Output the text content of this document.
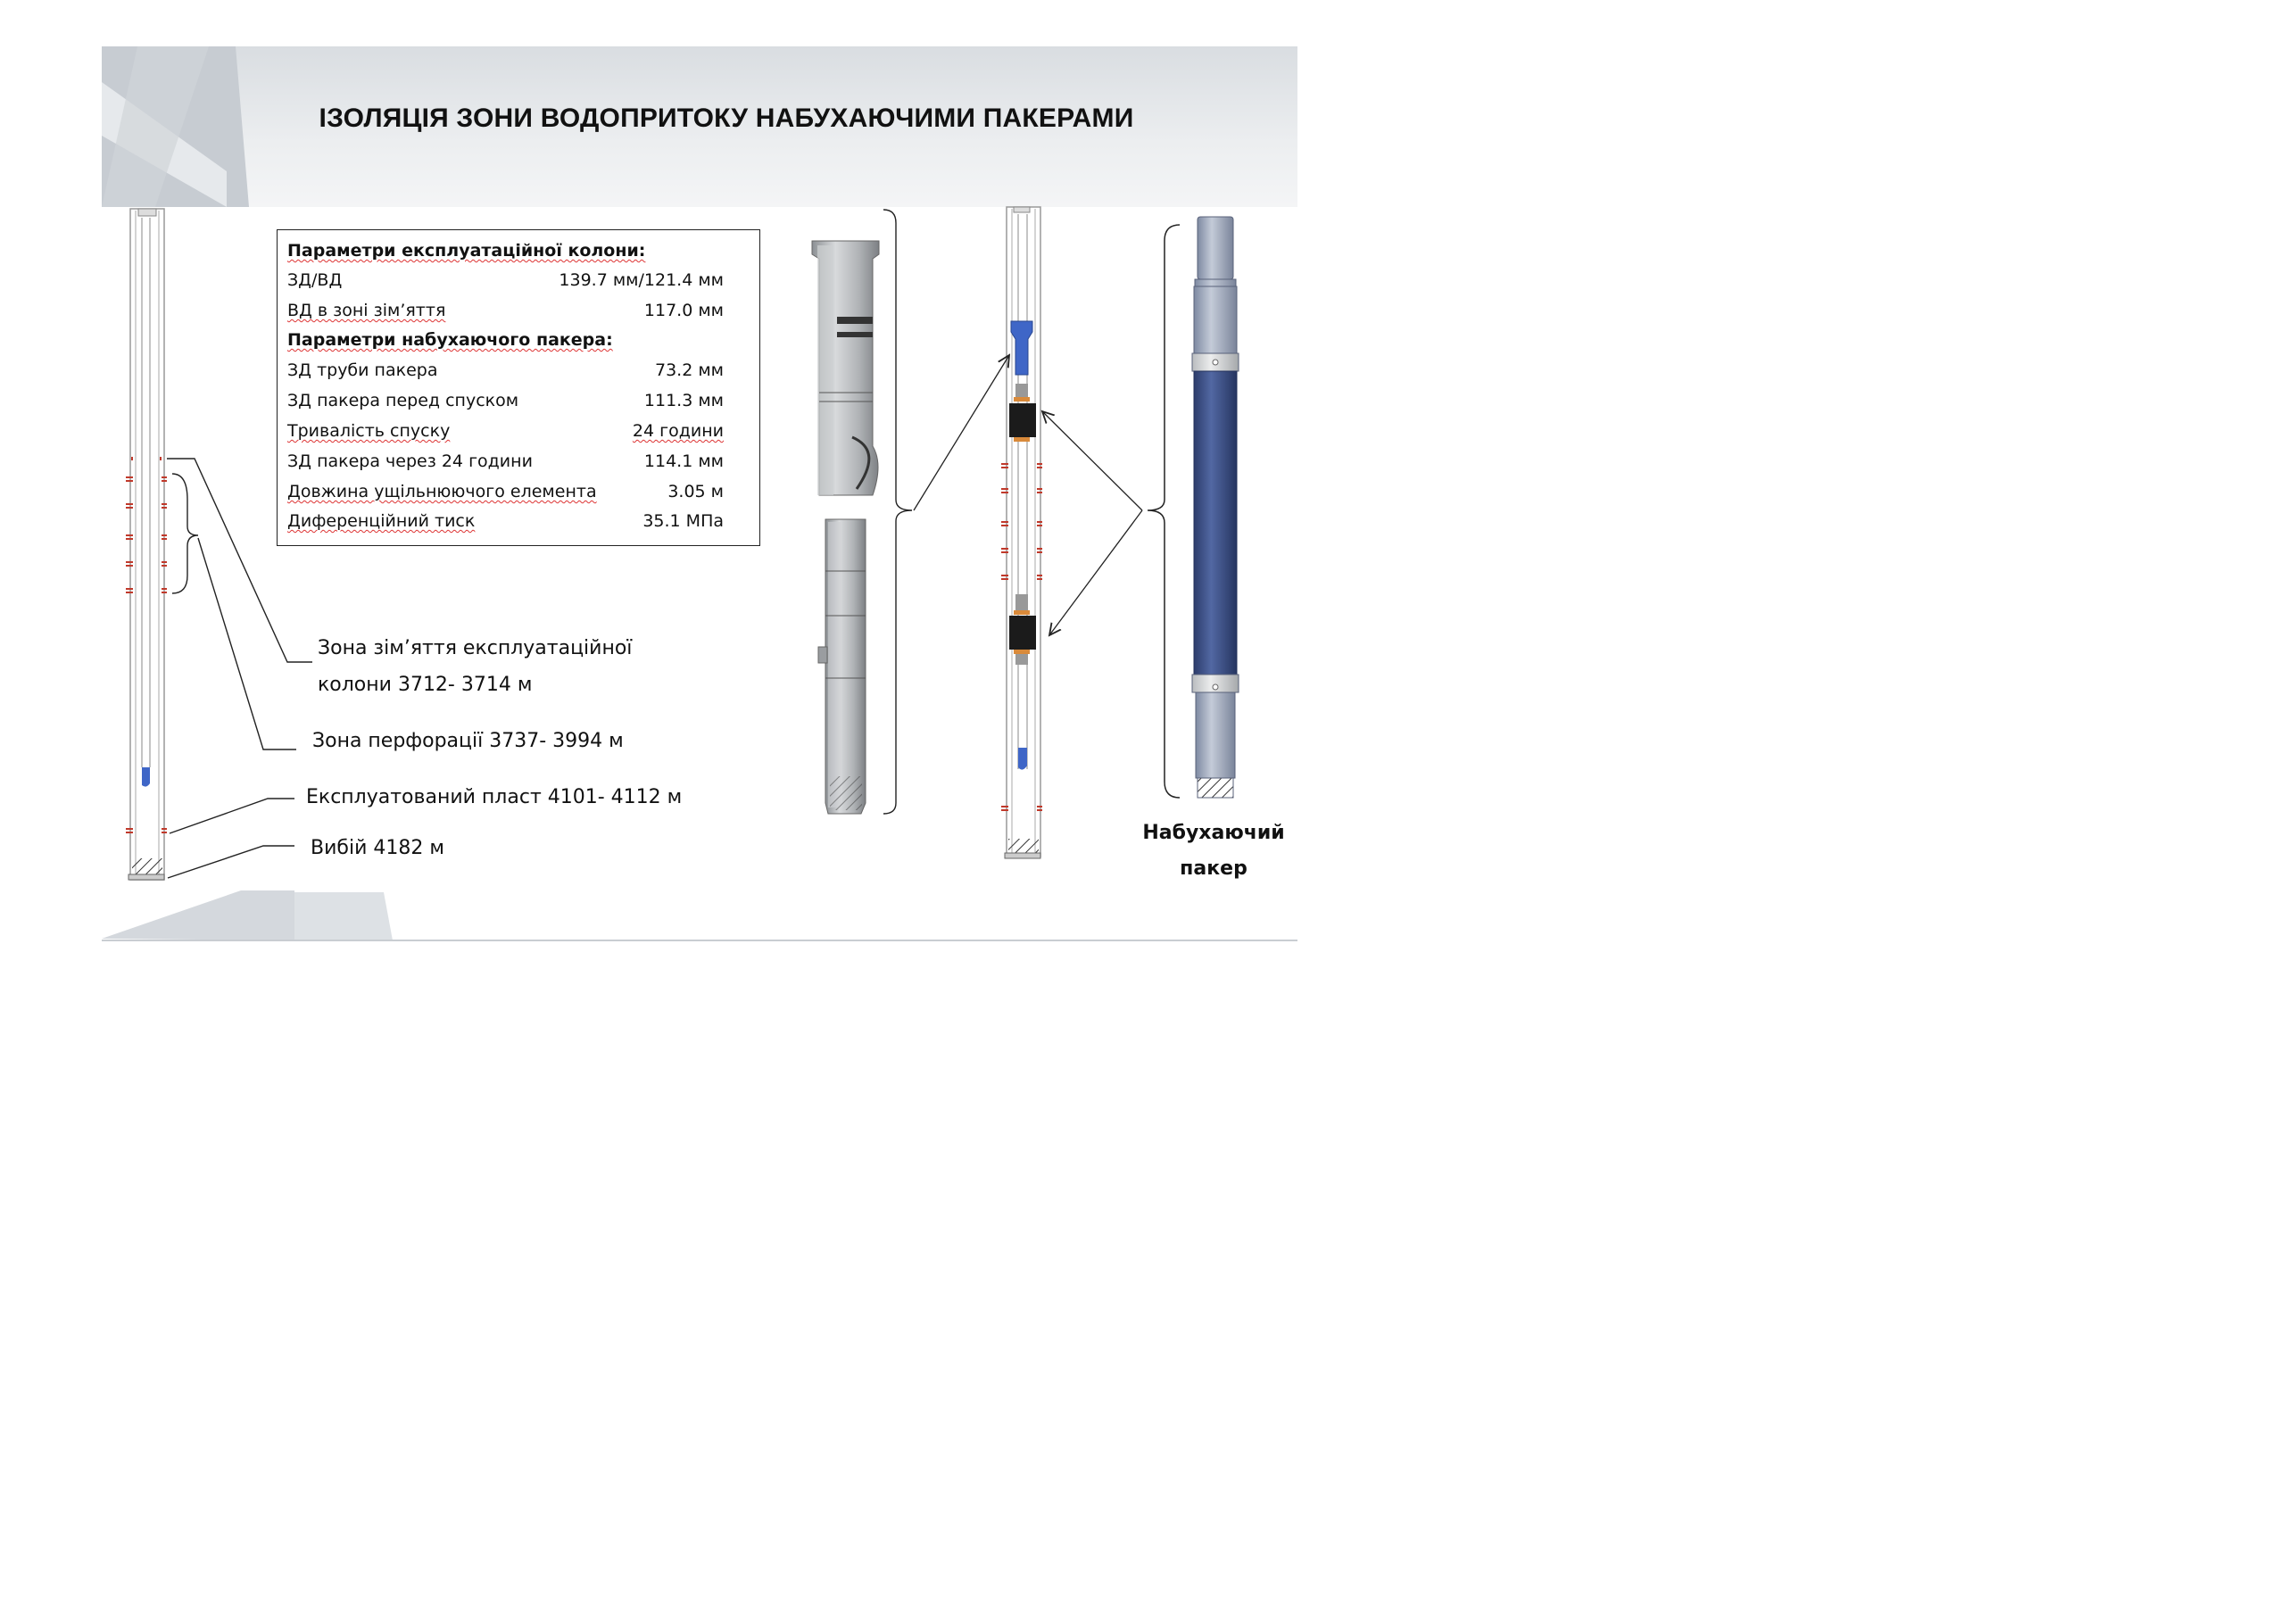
ІЗОЛЯЦІЯ ЗОНИ ВОДОПРИТОКУ НАБУХАЮЧИМИ ПАКЕРАМИ
Параметри експлуатаційної колони:
ЗД/ВД	139.7 мм/121.4 мм
ВД в зоні зім’яття	117.0 мм
Параметри набухаючого пакера:
ЗД труби пакера	73.2 мм
ЗД пакера перед спуском	111.3 мм
Тривалість спуску	24 години
ЗД пакера через 24 години	114.1 мм
Довжина ущільнюючого елемента	3.05 м
Диференційний тиск	35.1 МПа
Зона зім’яття експлуатаційної
колони 3712- 3714 м
Зона перфорації 3737- 3994 м
Експлуатований пласт 4101- 4112 м
Вибій 4182 м
Набухаючий
пакер
